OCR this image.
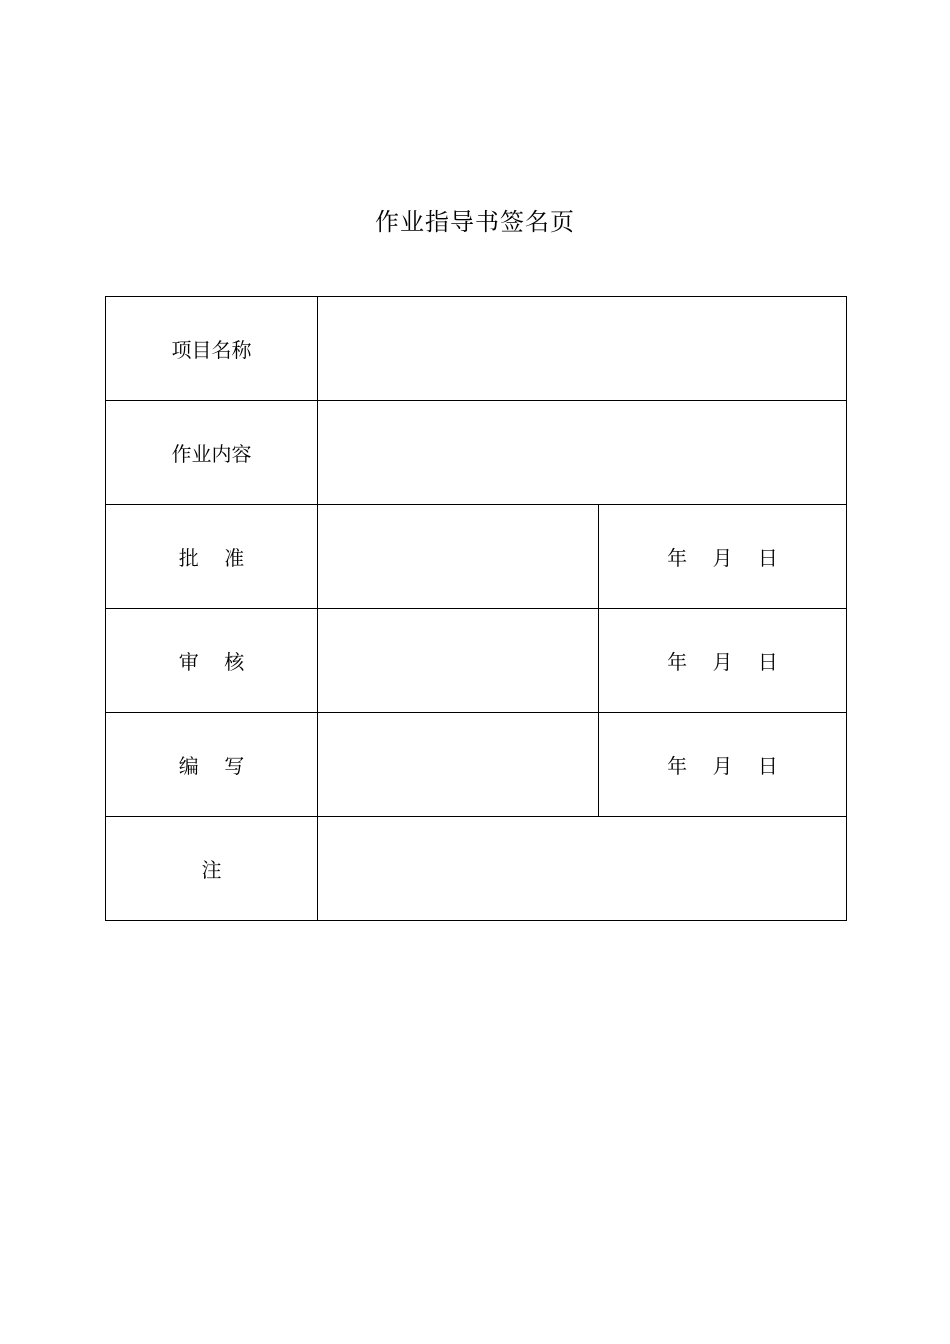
作业指导书签名页
项目名称		
作业内容		
批    准		年    月    日
审    核		年    月    日
编    写		年    月    日
注		
